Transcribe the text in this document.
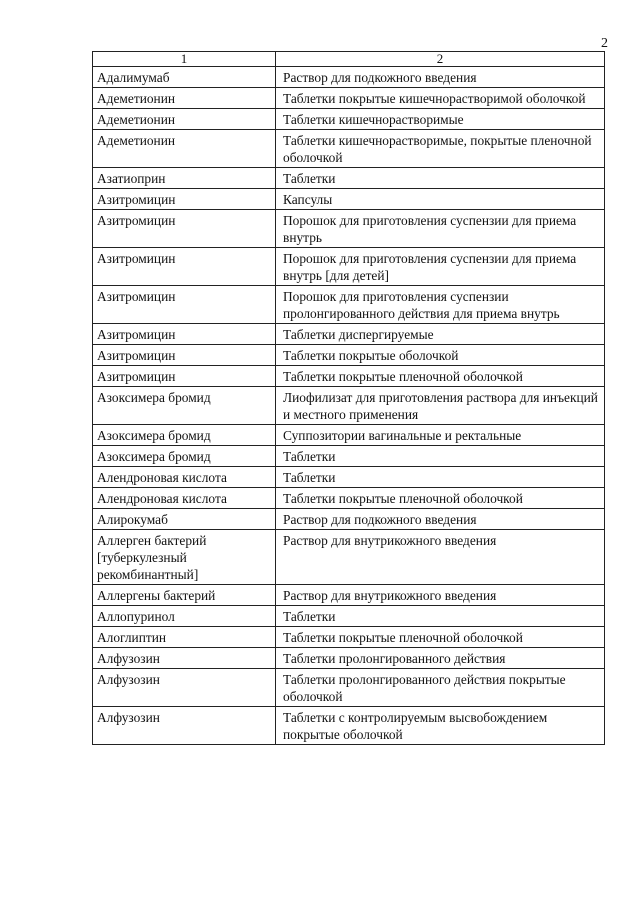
2
1	2
Адалимумаб	Раствор для подкожного введения
Адеметионин	Таблетки покрытые кишечнорастворимой оболочкой
Адеметионин	Таблетки кишечнорастворимые
Адеметионин	Таблетки кишечнорастворимые, покрытые пленочной оболочкой
Азатиоприн	Таблетки
Азитромицин	Капсулы
Азитромицин	Порошок для приготовления суспензии для приема внутрь
Азитромицин	Порошок для приготовления суспензии для приема внутрь [для детей]
Азитромицин	Порошок для приготовления суспензии пролонгированного действия для приема внутрь
Азитромицин	Таблетки диспергируемые
Азитромицин	Таблетки покрытые оболочкой
Азитромицин	Таблетки покрытые пленочной оболочкой
Азоксимера бромид	Лиофилизат для приготовления раствора для инъекций и местного применения
Азоксимера бромид	Суппозитории вагинальные и ректальные
Азоксимера бромид	Таблетки
Алендроновая кислота	Таблетки
Алендроновая кислота	Таблетки покрытые пленочной оболочкой
Алирокумаб	Раствор для подкожного введения
Аллерген бактерий [туберкулезный рекомбинантный]	Раствор для внутрикожного введения
Аллергены бактерий	Раствор для внутрикожного введения
Аллопуринол	Таблетки
Алоглиптин	Таблетки покрытые пленочной оболочкой
Алфузозин	Таблетки пролонгированного действия
Алфузозин	Таблетки пролонгированного действия покрытые оболочкой
Алфузозин	Таблетки с контролируемым высвобождением покрытые оболочкой
